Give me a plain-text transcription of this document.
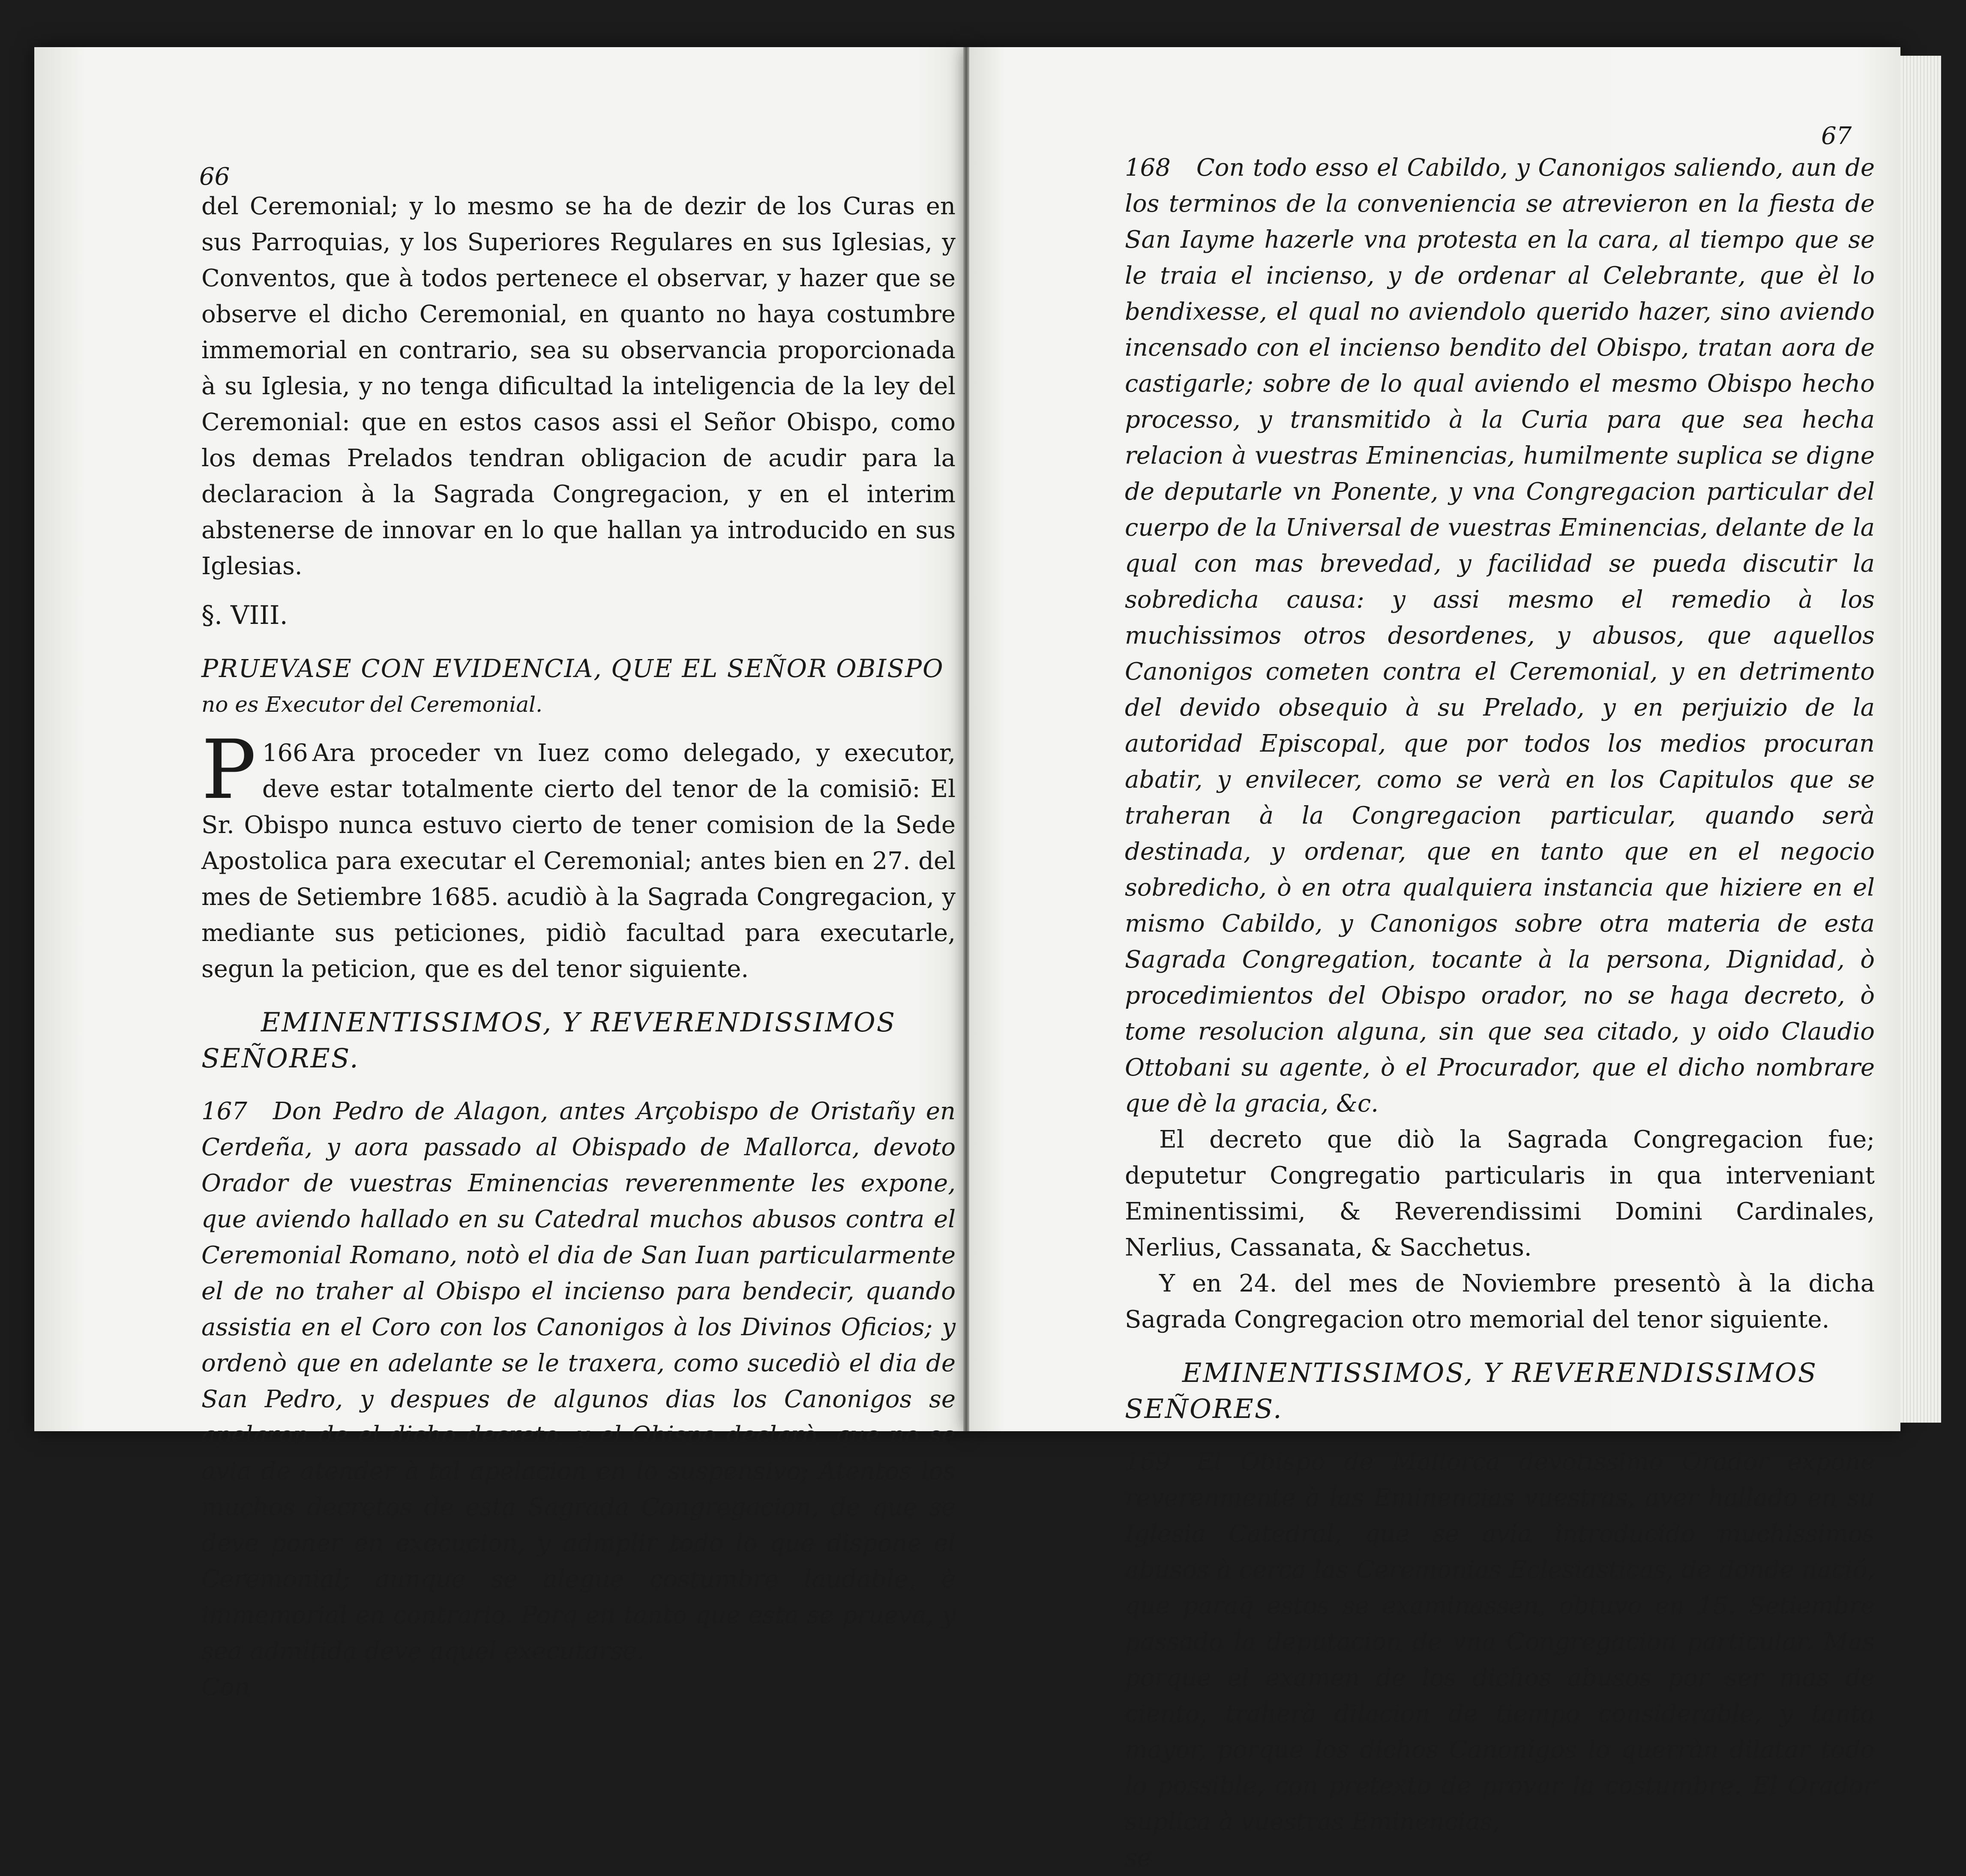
66

del Ceremonial; y lo mesmo se ha de dezir de los Curas en sus Parroquias, y los Superiores Regulares en sus Iglesias, y Conventos, que à todos pertenece el observar, y hazer que se observe el dicho Ceremonial, en quanto no haya costumbre immemorial en contrario, sea su observancia proporcionada à su Iglesia, y no tenga dificultad la inteligencia de la ley del Ceremonial: que en estos casos assi el Señor Obispo, como los demas Prelados tendran obligacion de acudir para la declaracion à la Sagrada Congregacion, y en el interim abstenerse de innovar en lo que hallan ya introducido en sus Iglesias.

§. VIII.
PRUEVASE CON EVIDENCIA, QUE EL SEÑOR OBISPO
no es Executor del Ceremonial.

166
P Ara proceder vn Iuez como delegado, y executor, deve estar totalmente cierto del tenor de la comisiō: El Sr. Obispo nunca estuvo cierto de tener comision de la Sede Apostolica para executar el Ceremonial; antes bien en 27. del mes de Setiembre 1685. acudiò à la Sagrada Congregacion, y mediante sus peticiones, pidiò facultad para executarle, segun la peticion, que es del tenor siguiente.

EMINENTISSIMOS, Y REVERENDISSIMOS SEÑORES.

167 Don Pedro de Alagon, antes Arçobispo de Oristañy en Cerdeña, y aora passado al Obispado de Mallorca, devoto Orador de vuestras Eminencias reverenmente les expone, que aviendo hallado en su Catedral muchos abusos contra el Ceremonial Romano, notò el dia de San Iuan particularmente el de no traher al Obispo el incienso para bendecir, quando assistia en el Coro con los Canonigos à los Divinos Oficios; y ordenò que en adelante se le traxera, como sucediò el dia de San Pedro, y despues de algunos dias los Canonigos se apelaron de el dicho decreto, y el Obispo declarò, que no se avia de atender à tal apelacion en lo suspensivo; Atentos los muchos decretos de esta Sagrada Congregacion, de que se deve poner en execucion, y admplir todo lo que dispone el Ceremonial; aunque se alegue costumbre laudable, è immemorial en contrario. Porq en tanto que esta se prueva, y sea admitida deve aquel executarse.

Con
67

168 Con todo esso el Cabildo, y Canonigos saliendo, aun de los terminos de la conveniencia se atrevieron en la fiesta de San Iayme hazerle vna protesta en la cara, al tiempo que se le traia el incienso, y de ordenar al Celebrante, que èl lo bendixesse, el qual no aviendolo querido hazer, sino aviendo incensado con el incienso bendito del Obispo, tratan aora de castigarle; sobre de lo qual aviendo el mesmo Obispo hecho processo, y transmitido à la Curia para que sea hecha relacion à vuestras Eminencias, humilmente suplica se digne de deputarle vn Ponente, y vna Congregacion particular del cuerpo de la Universal de vuestras Eminencias, delante de la qual con mas brevedad, y facilidad se pueda discutir la sobredicha causa: y assi mesmo el remedio à los muchissimos otros desordenes, y abusos, que aquellos Canonigos cometen contra el Ceremonial, y en detrimento del devido obsequio à su Prelado, y en perjuizio de la autoridad Episcopal, que por todos los medios procuran abatir, y envilecer, como se verà en los Capitulos que se traheran à la Congregacion particular, quando serà destinada, y ordenar, que en tanto que en el negocio sobredicho, ò en otra qualquiera instancia que hiziere en el mismo Cabildo, y Canonigos sobre otra materia de esta Sagrada Congregation, tocante à la persona, Dignidad, ò procedimientos del Obispo orador, no se haga decreto, ò tome resolucion alguna, sin que sea citado, y oido Claudio Ottobani su agente, ò el Procurador, que el dicho nombrare que dè la gracia, &c.

El decreto que diò la Sagrada Congregacion fue; deputetur Congregatio particularis in qua interveniant Eminentissimi, & Reverendissimi Domini Cardinales, Nerlius, Cassanata, & Sacchetus.

Y en 24. del mes de Noviembre presentò à la dicha Sagrada Congregacion otro memorial del tenor siguiente.

EMINENTISSIMOS, Y REVERENDISSIMOS SEÑORES.

169 El Obispo de Mallorca devotissimo Orador expone reverenmente à las Eminencias vuestras, aver hallado en su Iglesia Catedral, que se avia introducido muchissimos abusos à cerca las Ceremonias Eclesiasticas, de donde nació, que paraq̄ estos se examinassen, obtuvo en 15. Setiembre passado la deputacion de vna Congregacion particular. Mas porque el examen de los dichos abusos por ser mas de ciento, traherà dilacion de tiempo considerable, y tanto mayor, porque los dichos Canonigos lo querràn dilatar todo lo possible, con pretexto de provar la costumbre. El Orador suplica à vuestras Eminencias,

se
